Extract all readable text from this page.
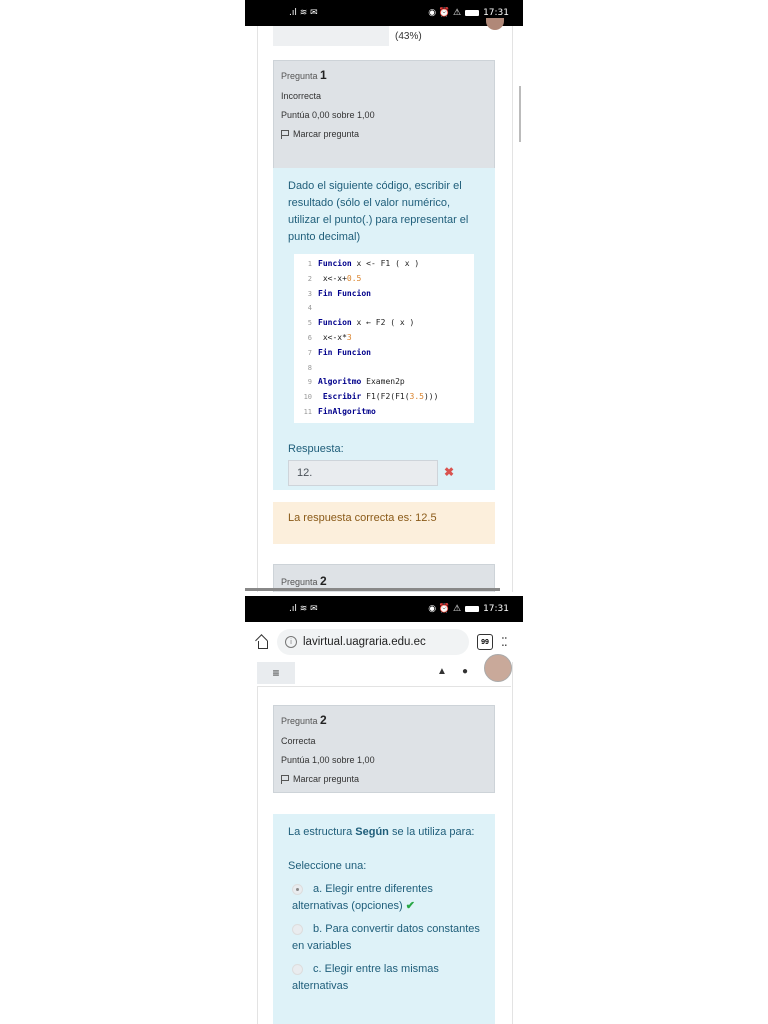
.ıl ≋ ✉	◉ ⏰ ⚠ 17:31
(43%)
Pregunta 1
Incorrecta
Puntúa 0,00 sobre 1,00
Marcar pregunta
Dado el siguiente código, escribir el resultado (sólo el valor numérico, utilizar el punto(.) para representar el punto decimal)
1 Funcion x <- F1 ( x )
2 x<-x+0.5
3 Fin Funcion
4
5 Funcion x ← F2 ( x )
6 x<-x*3
7 Fin Funcion
8
9 Algoritmo Examen2p
10 Escribir F1(F2(F1(3.5)))
11 FinAlgoritmo
Respuesta:
12.	✖
La respuesta correcta es: 12.5
Pregunta 2
.ıl ≋ ✉	◉ ⏰ ⚠ 17:31
i lavirtual.uagraria.edu.ec	99	⁚⁚
≡	▲ ●
Pregunta 2
Correcta
Puntúa 1,00 sobre 1,00
Marcar pregunta
La estructura Según se la utiliza para:
Seleccione una:
a. Elegir entre diferentes alternativas (opciones) ✔
b. Para convertir datos constantes en variables
c. Elegir entre las mismas alternativas
